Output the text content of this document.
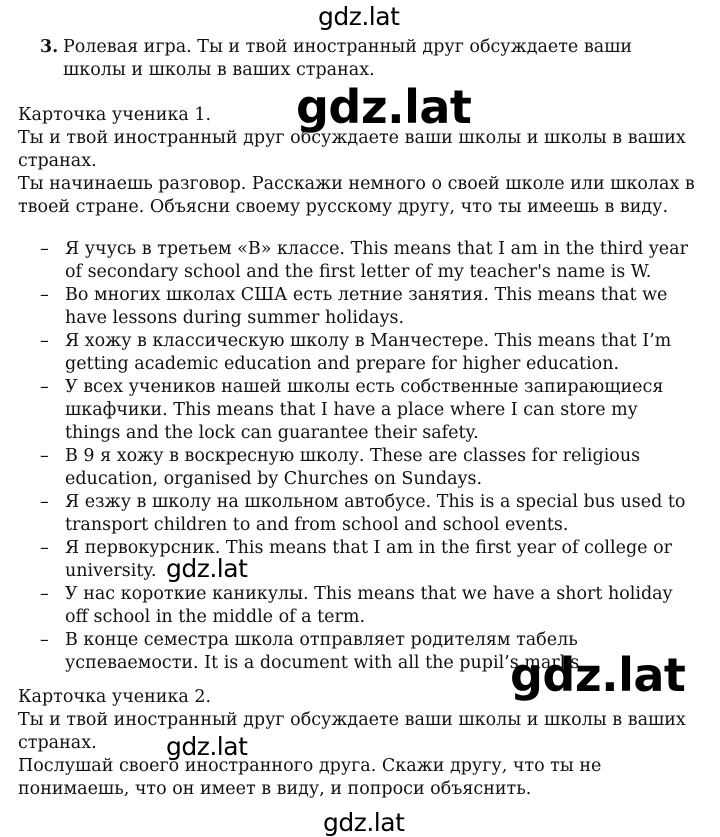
3. Ролевая игра. Ты и твой иностранный друг обсуждаете ваши школы и школы в ваших странах.

Карточка ученика 1.

Ты и твой иностранный друг обсуждаете ваши школы и школы в ваших странах.

Ты начинаешь разговор. Расскажи немного о своей школе или школах в твоей стране. Объясни своему русскому другу, что ты имеешь в виду.

– Я учусь в третьем «В» классе. This means that I am in the third year of secondary school and the first letter of my teacher's name is W.
– Во многих школах США есть летние занятия. This means that we have lessons during summer holidays.
– Я хожу в классическую школу в Манчестере. This means that I’m getting academic education and prepare for higher education.
– У всех учеников нашей школы есть собственные запирающиеся шкафчики. This means that I have a place where I can store my things and the lock can guarantee their safety.
– В 9 я хожу в воскресную школу. These are classes for religious education, organised by Churches on Sundays.
– Я езжу в школу на школьном автобусе. This is a special bus used to transport children to and from school and school events.
– Я первокурсник. This means that I am in the first year of college or university.
– У нас короткие каникулы. This means that we have a short holiday off school in the middle of a term.
– В конце семестра школа отправляет родителям табель успеваемости. It is a document with all the pupil’s marks.

Карточка ученика 2.

Ты и твой иностранный друг обсуждаете ваши школы и школы в ваших странах.

Послушай своего иностранного друга. Скажи другу, что ты не понимаешь, что он имеет в виду, и попроси объяснить.

gdz.lat
gdz.lat
gdz.lat
gdz.lat
gdz.lat
gdz.lat
